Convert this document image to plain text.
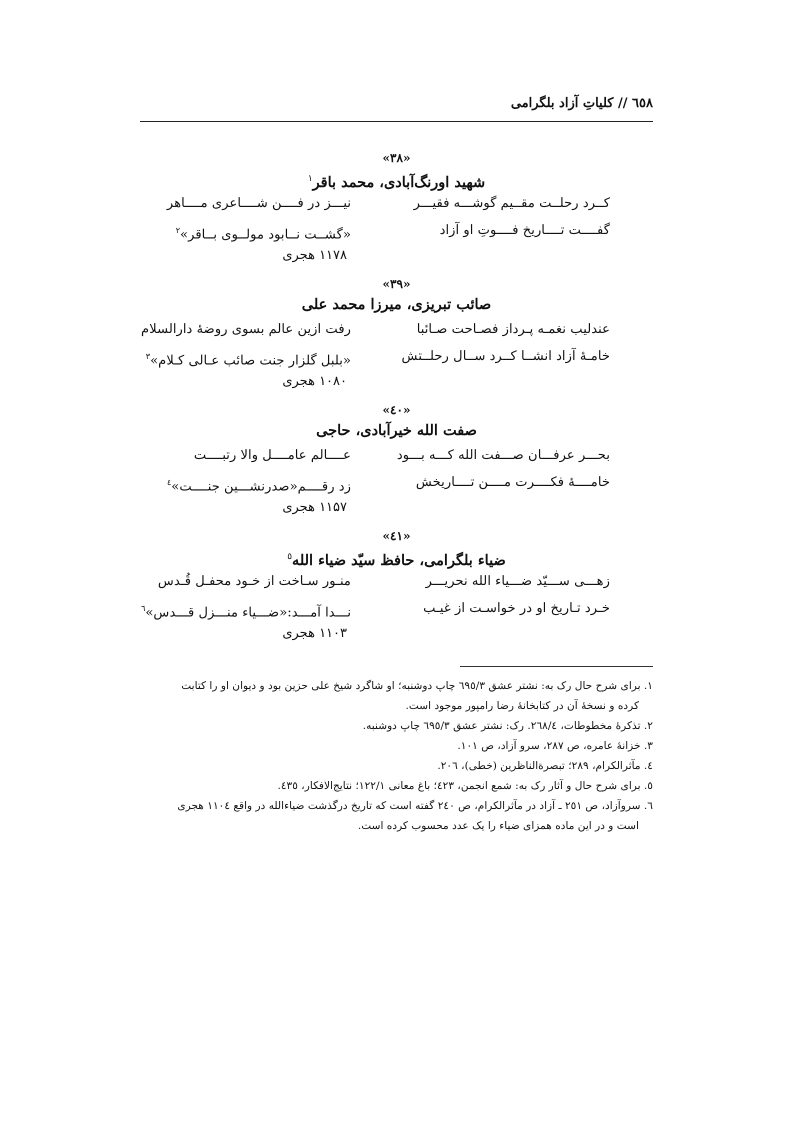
٦٥٨ // کلیاتِ آزاد بلگرامی
«۳۸»
شهید اورنگ‌آبادی، محمد باقر$^۱$
کــرد رحلــت مقــیم گوشـــه فقیـــر
نیـــز در فــــن شــــاعری مــــاهر
گفــــت تــــاریخ فــــوتِ او آزاد
«گشــت نــابود مولــوی بــاقر»$^۲$
۱۱۷۸ هجری
«۳۹»
صائب تبریزی، میرزا محمد علی
عندلیب نغمـه پـرداز فصـاحت صـائبا
رفت ازین عالم بسوی روضهٔ دارالسلام
خامـهٔ آزاد انشــا کــرد ســال رحلــتش
«بلبل گلزار جنت صائب عـالی کـلام»$^۳$
۱۰۸۰ هجری
«٤۰»
صفت الله خیرآبادی، حاجی
بحـــر عرفـــان صـــفت الله کـــه بـــود
عــــالم عامــــل والا رتبــــت
خامــــهٔ فکــــرت مــــن تــــاریخش
زد رقــــم«صدرنشـــین جنــــت»$^٤$
۱۱۵۷ هجری
«٤۱»
ضیاء بلگرامی، حافظ سیّد ضیاء الله$^٥$
زهـــی ســـیّد ضـــیاء الله نحریـــر
منـور سـاخت از خـود محفـل قُـدس
خـرد تـاریخ او در خواسـت از غیـب
نـــدا آمـــد:«ضـــیاء منـــزل قـــدس»$^٦$
۱۱۰۳ هجری

۱. برای شرح حال رک به: نشتر عشق ٦۹٥/۳ چاپ دوشنبه؛ او شاگرد شیخ علی حزین بود و دیوان او را کتابت

کرده و نسخهٔ آن در کتابخانهٔ رضا رامپور موجود است.

۲. تذکرهٔ مخطوطات، ۲٦۸/٤. رک: نشتر عشق ٦۹٥/۳ چاپ دوشنبه.

۳. خزانهٔ عامره، ص ۲۸۷، سرو آزاد، ص ۱۰۱.

٤. مآثرالکرام، ۲۸۹؛ تبصرةالناظرین (خطی)، ۲۰٦.

٥. برای شرح حال و آثار رک به: شمع انجمن، ٤۲۳؛ باغ معانی ۱۲۲/۱؛ نتایج‌الافکار، ٤۳٥.

٦. سروآزاد، ص ۲٥۱ ـ آزاد در مآثرالکرام، ص ۲٤۰ گفته است که تاریخ درگذشت ضیاءالله در واقع ۱۱۰٤ هجری

است و در این ماده همزای ضیاء را یک عدد محسوب کرده است.
